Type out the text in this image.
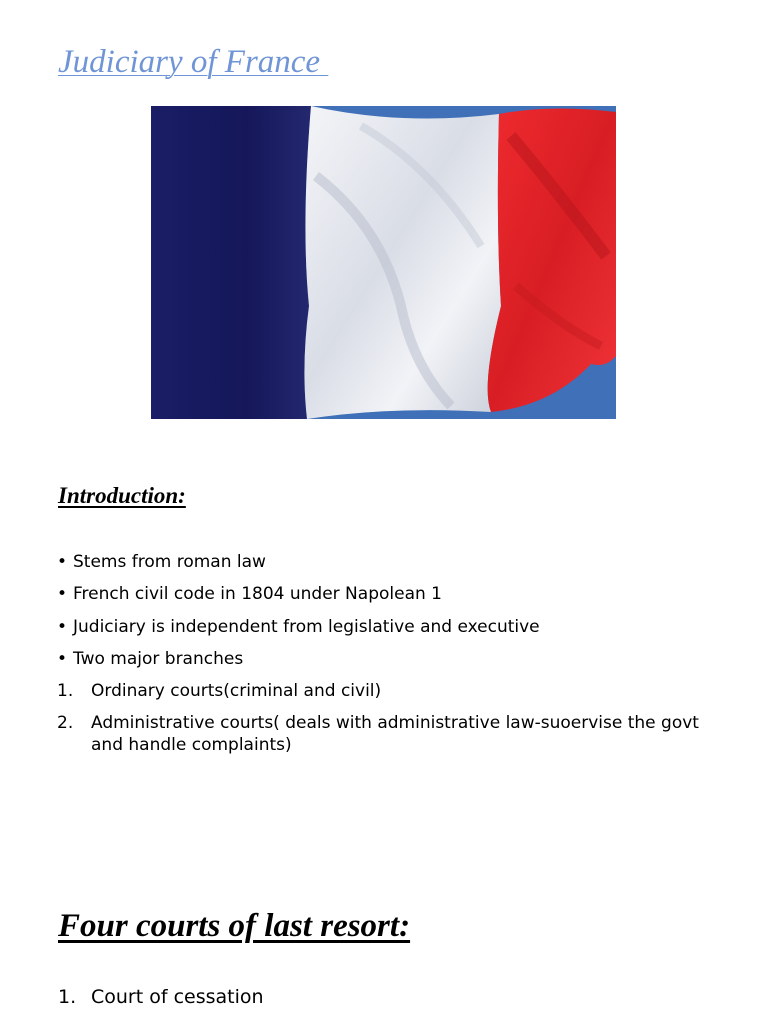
Judiciary of France
Introduction:
• Stems from roman law
• French civil code in 1804 under Napolean 1
• Judiciary is independent from legislative and executive
• Two major branches
1. Ordinary courts(criminal and civil)
2. Administrative courts( deals with administrative law-suoervise the govt and handle complaints)
Four courts of last resort:
1. Court of cessation
